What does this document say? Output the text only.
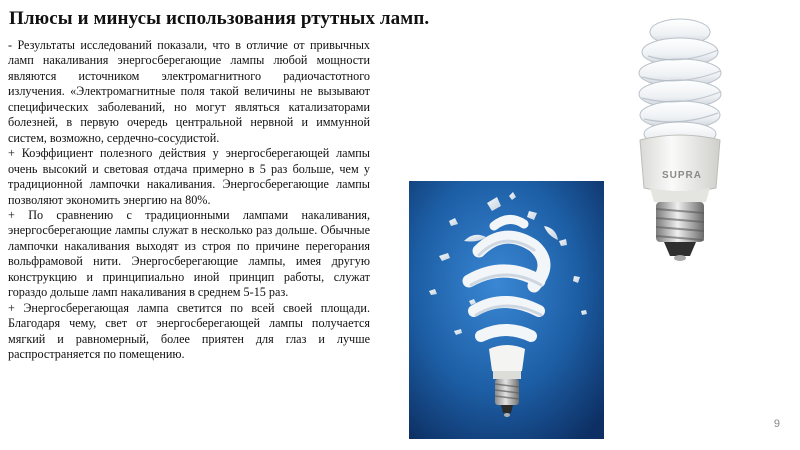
Плюсы и минусы использования ртутных ламп.

- Результаты исследований показали, что в отличие от привычных ламп накаливания энергосберегающие лампы любой мощности являются источником электромагнитного радиочастотного излучения. «Электромагнитные поля такой величины не вызывают специфических заболеваний, но могут являться катализаторами болезней, в первую очередь центральной нервной и иммунной систем, возможно, сердечно-сосудистой.

+ Коэффициент полезного действия у энергосберегающей лампы очень высокий и световая отдача примерно в 5 раз больше, чем у традиционной лампочки накаливания. Энергосберегающие лампы позволяют экономить энергию на 80%.

+ По сравнению с традиционными лампами накаливания, энергосберегающие лампы служат в несколько раз дольше. Обычные лампочки накаливания выходят из строя по причине перегорания вольфрамовой нити. Энергосберегающие лампы, имея другую конструкцию и принципиально иной принцип работы, служат гораздо дольше ламп накаливания в среднем 5-15 раз.

+ Энергосберегающая лампа светится по всей своей площади. Благодаря чему, свет от энергосберегающей лампы получается мягкий и равномерный, более приятен для глаз и лучше распространяется по помещению.

SUPRA
9
